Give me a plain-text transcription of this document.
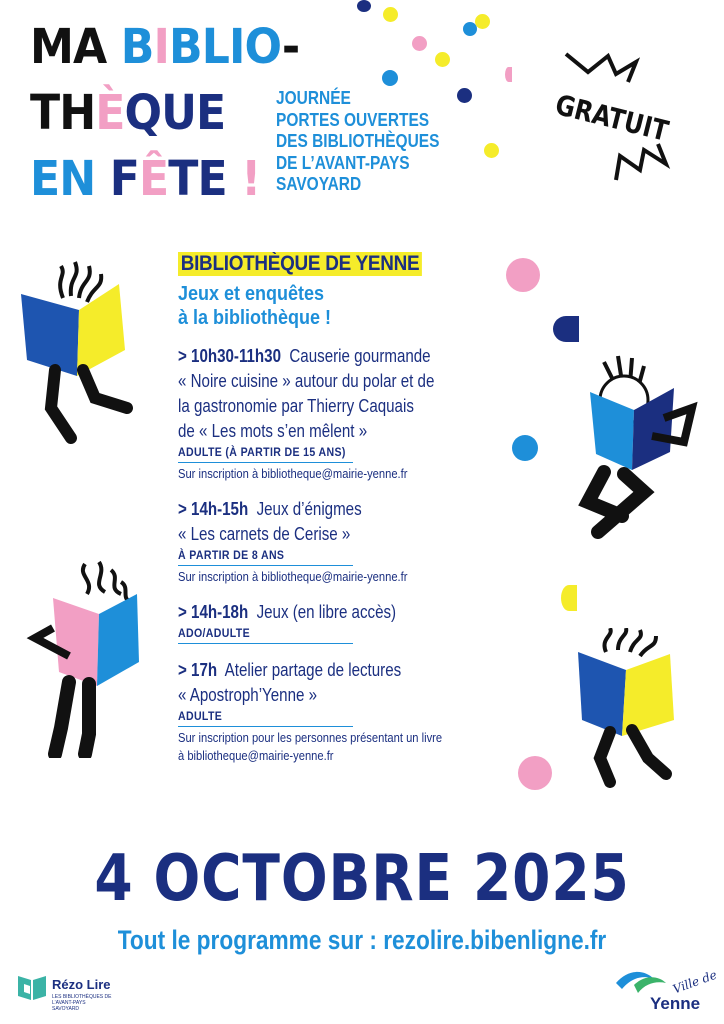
MA BIBLIO-
THÈQUE
EN FÊTE !
JOURNÉE
PORTES OUVERTES
DES BIBLIOTHÈQUES
DE L’AVANT-PAYS
SAVOYARD
GRATUIT
BIBLIOTHÈQUE DE YENNE
Jeux et enquêtes
à la bibliothèque !
> 10h30-11h30 Causerie gourmande
« Noire cuisine » autour du polar et de
la gastronomie par Thierry Caquais
de « Les mots s’en mêlent »
ADULTE (À PARTIR DE 15 ANS)
Sur inscription à bibliotheque@mairie-yenne.fr
> 14h-15h Jeux d’énigmes
« Les carnets de Cerise »
À PARTIR DE 8 ANS
Sur inscription à bibliotheque@mairie-yenne.fr
> 14h-18h Jeux (en libre accès)
ADO/ADULTE
> 17h Atelier partage de lectures
« Apostroph’Yenne »
ADULTE
Sur inscription pour les personnes présentant un livre
à bibliotheque@mairie-yenne.fr
4 OCTOBRE 2025
Tout le programme sur : rezolire.bibenligne.fr
Rézo Lire
LES BIBLIOTHÈQUES DE L’AVANT-PAYS SAVOYARD
Ville de
Yenne
